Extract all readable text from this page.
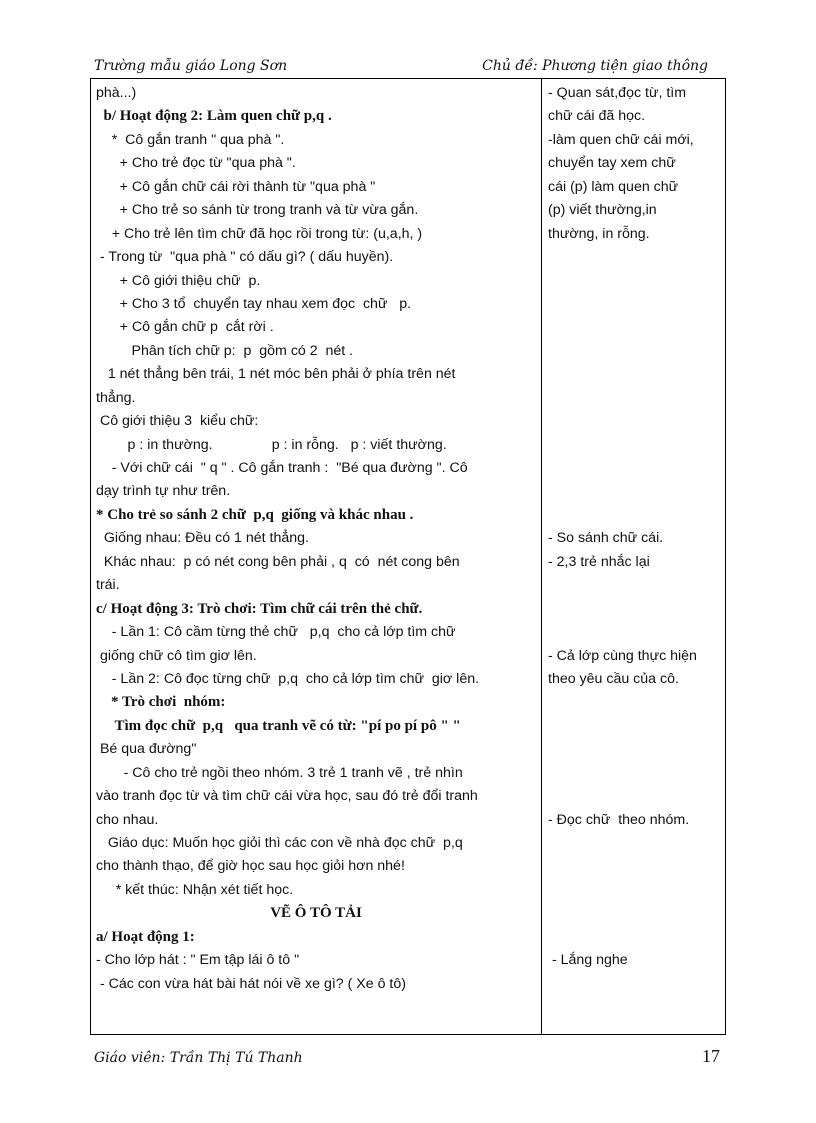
Trường mẫu giáo Long Sơn	Chủ đề: Phương tiện giao thông
phà...)
b/ Hoạt động 2: Làm quen chữ p,q .
*  Cô gắn tranh " qua phà ".
+ Cho trẻ đọc từ "qua phà ".
+ Cô gắn chữ cái rời thành từ "qua phà "
+ Cho trẻ so sánh từ trong tranh và từ vừa gắn.
+ Cho trẻ lên tìm chữ đã học rồi trong từ: (u,a,h, )
- Trong từ  "qua phà " có dấu gì? ( dấu huyền).
+ Cô giới thiệu chữ  p.
+ Cho 3 tổ  chuyển tay nhau xem đọc  chữ   p.
+ Cô gắn chữ p  cắt rời .
Phân tích chữ p:  p  gồm có 2  nét .
1 nét thẳng bên trái, 1 nét móc bên phải ở phía trên nét
thẳng.
Cô giới thiệu 3  kiểu chữ:
p : in thường.               p : in rỗng.   p : viết thường.
- Với chữ cái  " q " . Cô gắn tranh :  "Bé qua đường ". Cô
dạy trình tự như trên.
* Cho trẻ so sánh 2 chữ  p,q  giống và khác nhau .
Giống nhau: Đều có 1 nét thẳng.
Khác nhau:  p có nét cong bên phải , q  có  nét cong bên
trái.
c/ Hoạt động 3: Trò chơi: Tìm chữ cái trên thẻ chữ.
- Lần 1: Cô cầm từng thẻ chữ   p,q  cho cả lớp tìm chữ
giống chữ cô tìm giơ lên.
- Lần 2: Cô đọc từng chữ  p,q  cho cả lớp tìm chữ  giơ lên.
* Trò chơi  nhóm:
Tìm đọc chữ  p,q   qua tranh vẽ có từ: "pí po pí pô " "
Bé qua đường"
- Cô cho trẻ ngồi theo nhóm. 3 trẻ 1 tranh vẽ , trẻ nhìn
vào tranh đọc từ và tìm chữ cái vừa học, sau đó trẻ đổi tranh
cho nhau.
Giáo dục: Muốn học giỏi thì các con về nhà đọc chữ  p,q
cho thành thạo, để giờ học sau học giỏi hơn nhé!
* kết thúc: Nhận xét tiết học.
VẼ Ô TÔ TẢI
a/ Hoạt động 1:
- Cho lớp hát : " Em tập lái ô tô "
- Các con vừa hát bài hát nói về xe gì? ( Xe ô tô)
- Quan sát,đọc từ, tìm
chữ cái đã học.
-làm quen chữ cái mới,
chuyển tay xem chữ
cái (p) làm quen chữ
(p) viết thường,in
thường, in rỗng.
- So sánh chữ cái.
- 2,3 trẻ nhắc lại
- Cả lớp cùng thực hiện
theo yêu cầu của cô.
- Đọc chữ  theo nhóm.
- Lắng nghe
Giáo viên: Trần Thị Tú Thanh	17
